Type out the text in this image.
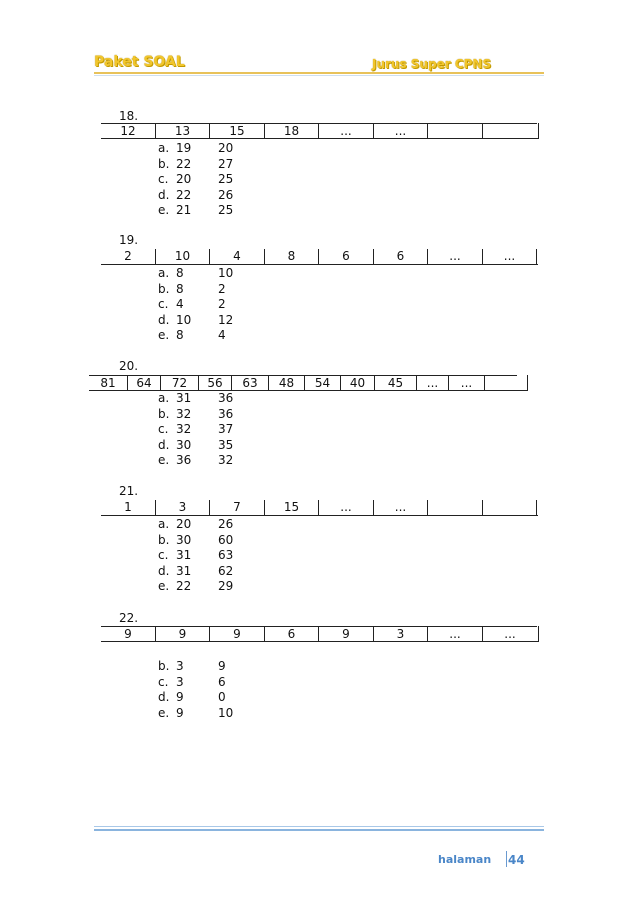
Paket SOAL	Jurus Super CPNS
18.
12	13	15	18	...	...
a. 19	20
b. 22	27
c. 20	25
d. 22	26
e. 21	25
19.
2	10	4	8	6	6	...	...
a. 8	10
b. 8	2
c. 4	2
d. 10	12
e. 8	4
20.
81	64	72	56	63	48	54	40	45	...	...
a. 31	36
b. 32	36
c. 32	37
d. 30	35
e. 36	32
21.
1	3	7	15	...	...
a. 20	26
b. 30	60
c. 31	63
d. 31	62
e. 22	29
22.
9	9	9	6	9	3	...	...
b. 3	9
c. 3	6
d. 9	0
e. 9	10
halaman 44
